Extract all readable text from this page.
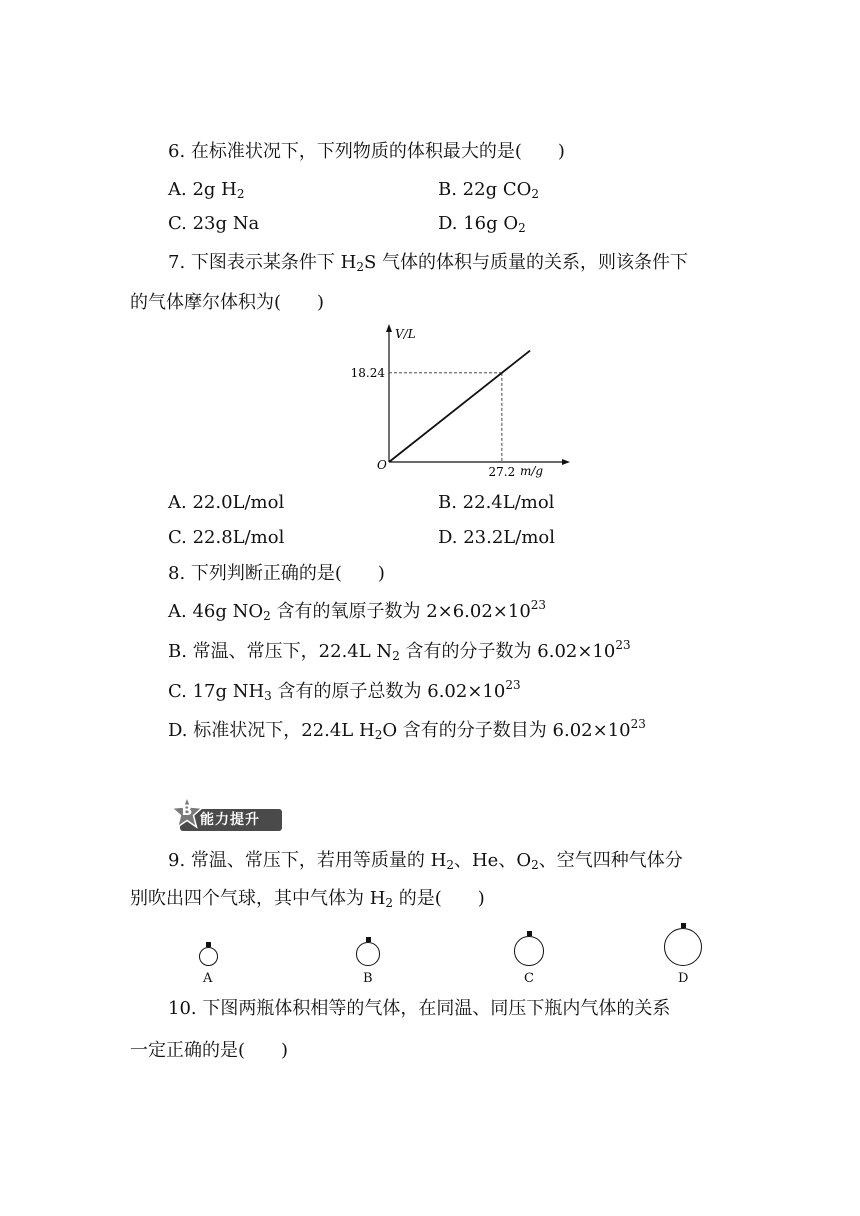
6. 在标准状况下，下列物质的体积最大的是(　　)
A. 2g $H_2$	B. 22g $CO_2$
C. 23g Na	D. 16g $O_2$
7. 下图表示某条件下 $H_2S$ 气体的体积与质量的关系，则该条件下
的气体摩尔体积为(　　)
V/L
m/g
O
18.24
27.2
A. 22.0L/mol	B. 22.4L/mol
C. 22.8L/mol	D. 23.2L/mol
8. 下列判断正确的是(　　)
A. 46g $NO_2$ 含有的氧原子数为 $2\times 6.02\times 10^{23}$
B. 常温、常压下，22.4L $N_2$ 含有的分子数为 $6.02\times 10^{23}$
C. 17g $NH_3$ 含有的原子总数为 $6.02\times 10^{23}$
D. 标准状况下，22.4L $H_2O$ 含有的分子数目为 $6.02\times 10^{23}$
B
能力提升
9. 常温、常压下，若用等质量的 $H_2$、He、$O_2$、空气四种气体分
别吹出四个气球，其中气体为 $H_2$ 的是(　　)
A	B	C	D
10. 下图两瓶体积相等的气体，在同温、同压下瓶内气体的关系
一定正确的是(　　)
